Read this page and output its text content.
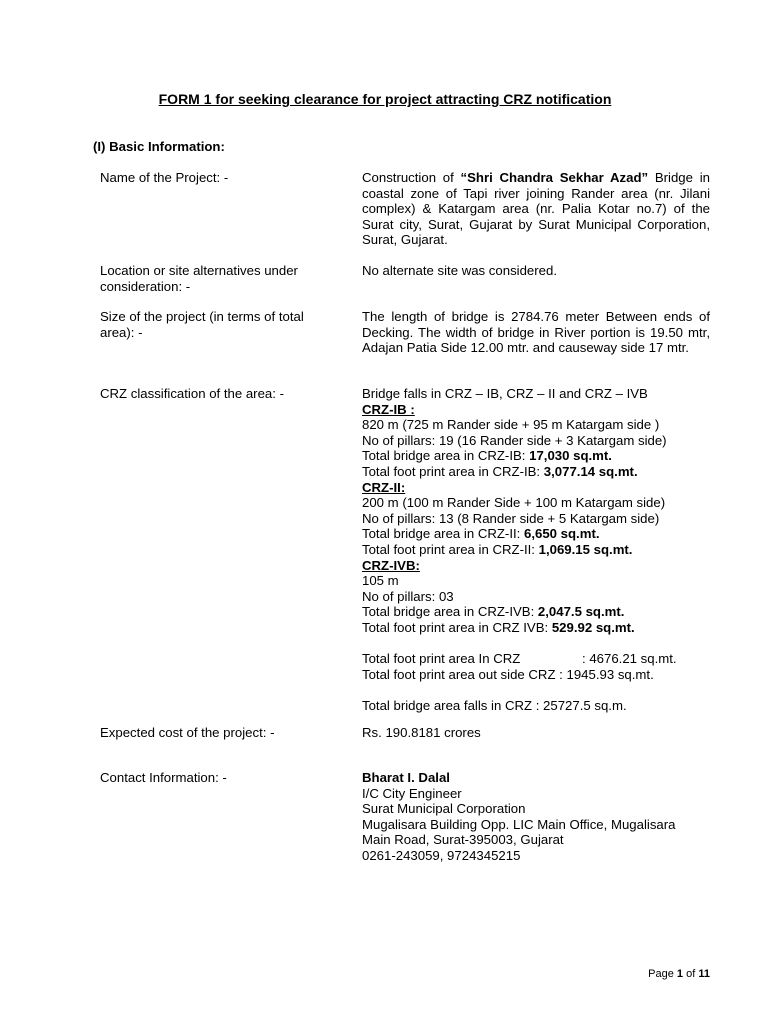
FORM 1 for seeking clearance for project attracting CRZ notification
(I) Basic Information:
Name of the Project: -	Construction of “Shri Chandra Sekhar Azad” Bridge in coastal zone of Tapi river joining Rander area (nr. Jilani complex) & Katargam area (nr. Palia Kotar no.7) of the Surat city, Surat, Gujarat by Surat Municipal Corporation, Surat, Gujarat.
Location or site alternatives under consideration: -
No alternate site was considered.
Size of the project (in terms of total area): -
The length of bridge is 2784.76 meter Between ends of Decking. The width of bridge in River portion is 19.50 mtr, Adajan Patia Side 12.00 mtr. and causeway side 17 mtr.
CRZ classification of the area: -	Bridge falls in CRZ – IB, CRZ – II and CRZ – IVB
CRZ-IB :
820 m (725 m Rander side + 95 m Katargam side )
No of pillars: 19 (16 Rander side + 3 Katargam side)
Total bridge area in CRZ-IB: 17,030 sq.mt.
Total foot print area in CRZ-IB: 3,077.14 sq.mt.
CRZ-II:
200 m (100 m Rander Side + 100 m Katargam side)
No of pillars: 13 (8 Rander side + 5 Katargam side)
Total bridge area in CRZ-II: 6,650 sq.mt.
Total foot print area in CRZ-II: 1,069.15 sq.mt.
CRZ-IVB:
105 m
No of pillars: 03
Total bridge area in CRZ-IVB: 2,047.5 sq.mt.
Total foot print area in CRZ IVB: 529.92 sq.mt.
Total foot print area In CRZ	: 4676.21 sq.mt.
Total foot print area out side CRZ : 1945.93 sq.mt.
Total bridge area falls in CRZ : 25727.5 sq.m.
Expected cost of the project: -	Rs. 190.8181 crores
Contact Information: -	Bharat I. Dalal
I/C City Engineer
Surat Municipal Corporation
Mugalisara Building Opp. LIC Main Office, Mugalisara
Main Road, Surat-395003, Gujarat
0261-243059, 9724345215
Page 1 of 11
